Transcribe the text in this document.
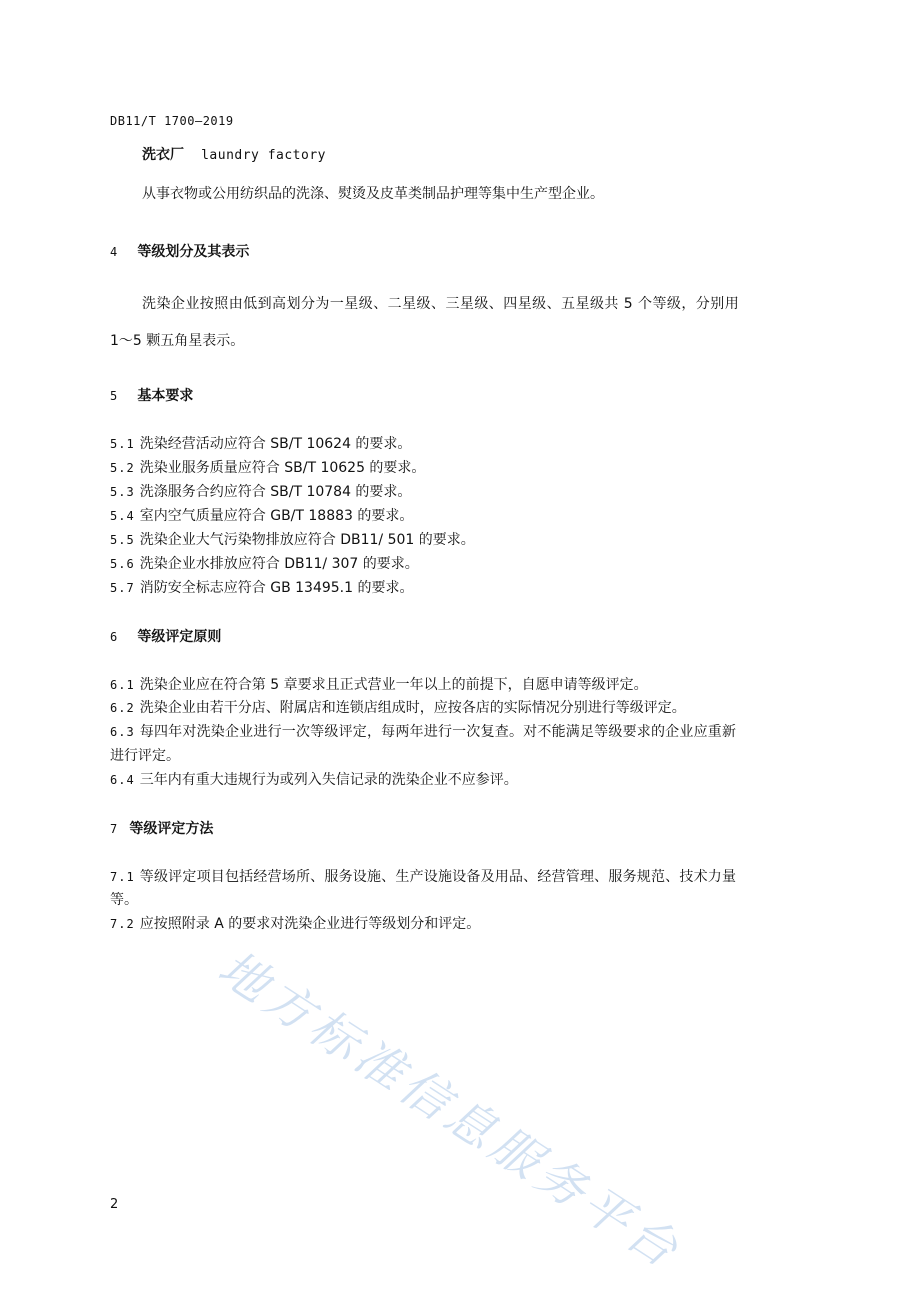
DB11/T 1700—2019
洗衣厂 laundry factory
从事衣物或公用纺织品的洗涤、熨烫及皮革类制品护理等集中生产型企业。
4 等级划分及其表示
洗染企业按照由低到高划分为一星级、二星级、三星级、四星级、五星级共 5 个等级，分别用
1～5 颗五角星表示。
5 基本要求
5.1 洗染经营活动应符合 SB/T 10624 的要求。
5.2 洗染业服务质量应符合 SB/T 10625 的要求。
5.3 洗涤服务合约应符合 SB/T 10784 的要求。
5.4 室内空气质量应符合 GB/T 18883 的要求。
5.5 洗染企业大气污染物排放应符合 DB11/ 501 的要求。
5.6 洗染企业水排放应符合 DB11/ 307 的要求。
5.7 消防安全标志应符合 GB 13495.1 的要求。
6 等级评定原则
6.1 洗染企业应在符合第 5 章要求且正式营业一年以上的前提下，自愿申请等级评定。
6.2 洗染企业由若干分店、附属店和连锁店组成时，应按各店的实际情况分别进行等级评定。
6.3 每四年对洗染企业进行一次等级评定，每两年进行一次复查。对不能满足等级要求的企业应重新
进行评定。
6.4 三年内有重大违规行为或列入失信记录的洗染企业不应参评。
7 等级评定方法
7.1 等级评定项目包括经营场所、服务设施、生产设施设备及用品、经营管理、服务规范、技术力量
等。
7.2 应按照附录 A 的要求对洗染企业进行等级划分和评定。
地方标准信息服务平台
2
